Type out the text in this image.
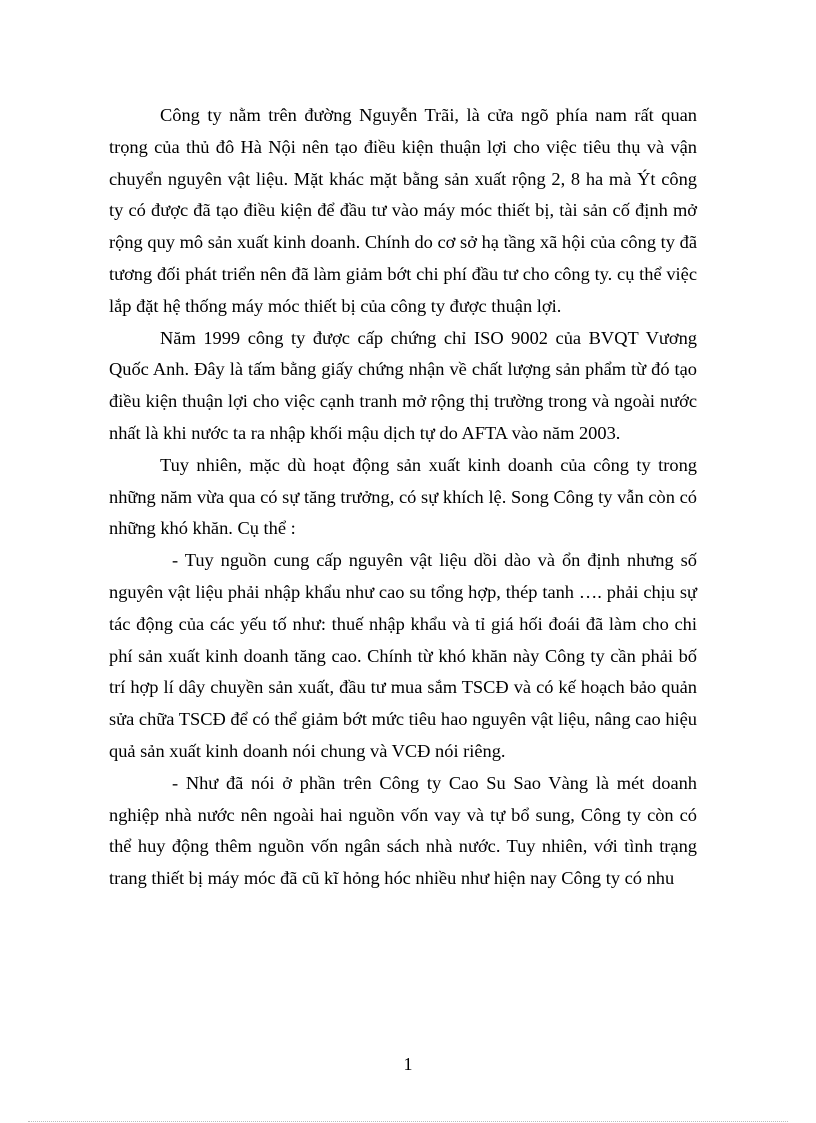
Công ty nằm trên đường Nguyễn Trãi, là cửa ngõ phía nam rất quan trọng của thủ đô Hà Nội nên tạo điều kiện thuận lợi cho việc tiêu thụ và vận chuyển nguyên vật liệu. Mặt khác mặt bằng sản xuất rộng 2, 8 ha mà Ýt công ty có được đã tạo điều kiện để đầu tư vào máy móc thiết bị, tài sản cố định mở rộng quy mô sản xuất kinh doanh. Chính do cơ sở hạ tầng xã hội của công ty đã tương đối phát triển nên đã làm giảm bớt chi phí đầu tư cho công ty. cụ thể việc lắp đặt hệ thống máy móc thiết bị của công ty được thuận lợi.

Năm 1999 công ty được cấp chứng chỉ ISO 9002 của BVQT Vương Quốc Anh. Đây là tấm bằng giấy chứng nhận về chất lượng sản phẩm từ đó tạo điều kiện thuận lợi cho việc cạnh tranh mở rộng thị trường trong và ngoài nước nhất là khi nước ta ra nhập khối mậu dịch tự do AFTA vào năm 2003.

Tuy nhiên, mặc dù hoạt động sản xuất kinh doanh của công ty trong những năm vừa qua có sự tăng trưởng, có sự khích lệ. Song Công ty vẫn còn có những khó khăn. Cụ thể :

- Tuy nguồn cung cấp nguyên vật liệu dồi dào và ổn định nhưng số nguyên vật liệu phải nhập khẩu như cao su tổng hợp, thép tanh …. phải chịu sự tác động của các yếu tố như: thuế nhập khẩu và tỉ giá hối đoái đã làm cho chi phí sản xuất kinh doanh tăng cao. Chính từ khó khăn này Công ty cần phải bố trí hợp lí dây chuyền sản xuất, đầu tư mua sắm TSCĐ và có kế hoạch bảo quản sửa chữa TSCĐ để có thể giảm bớt mức tiêu hao nguyên vật liệu, nâng cao hiệu quả sản xuất kinh doanh nói chung và VCĐ nói riêng.

- Như đã nói ở phần trên Công ty Cao Su Sao Vàng là mét doanh nghiệp nhà nước nên ngoài hai nguồn vốn vay và tự bổ sung, Công ty còn có thể huy động thêm nguồn vốn ngân sách nhà nước. Tuy nhiên, với tình trạng trang thiết bị máy móc đã cũ kĩ hỏng hóc nhiều như hiện nay Công ty có nhu

1
